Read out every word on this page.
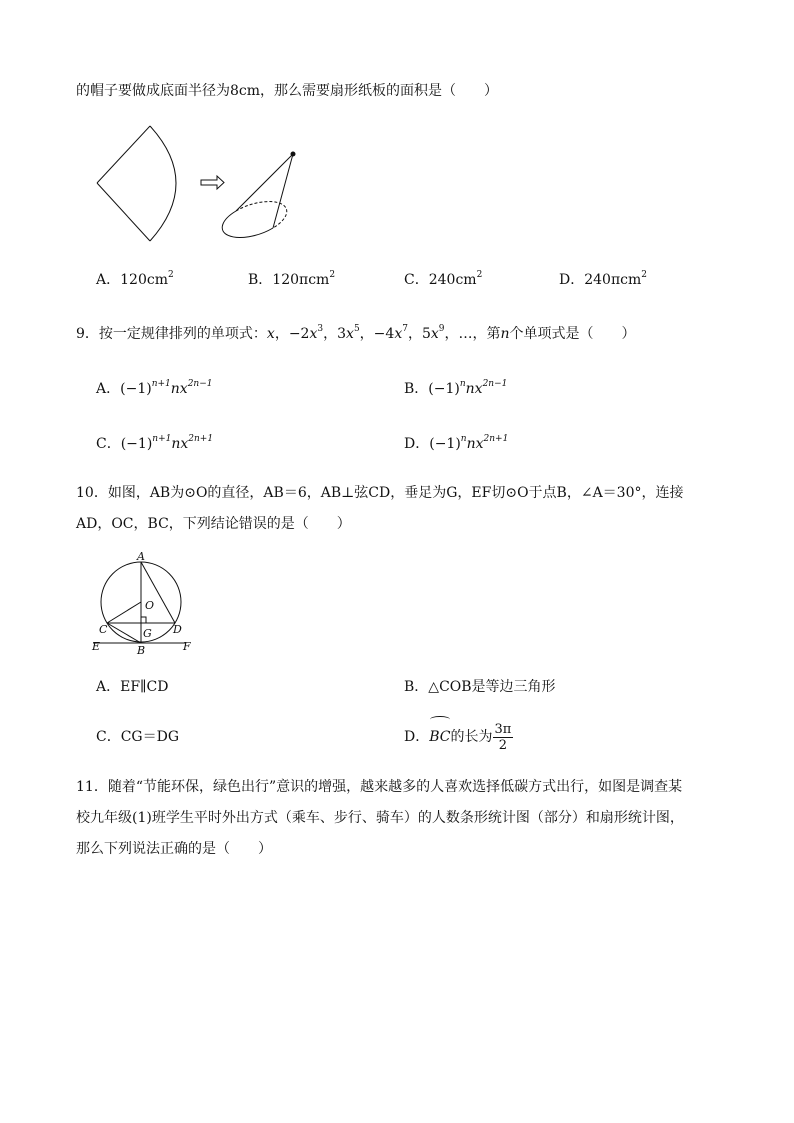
的帽子要做成底面半径为8cm，那么需要扇形纸板的面积是（　　）
A．$120cm^2$	B．120πcm$^2$	C．$240cm^2$	D．240πcm$^2$
9．按一定规律排列的单项式：x，$-2x^3$，$3x^5$，$-4x^7$，$5x^9$，…，第n个单项式是（　　）
A．$(-1)^{n+1}nx^{2n-1}$	B．$(-1)^nnx^{2n-1}$
C．$(-1)^{n+1}nx^{2n+1}$	D．$(-1)^nnx^{2n+1}$
10．如图，AB为⊙O的直径，AB＝6，AB⊥弦CD，垂足为G，EF切⊙O于点B，∠A＝30°，连接
AD，OC，BC，下列结论错误的是（　　）
A
O
C	G D
E	B	F
A．EF∥CD	B．△COB是等边三角形
C．CG＝DG	D．BC的长为 $\frac{3\pi}{2}$
11．随着“节能环保，绿色出行”意识的增强，越来越多的人喜欢选择低碳方式出行，如图是调查某
校九年级(1)班学生平时外出方式（乘车、步行、骑车）的人数条形统计图（部分）和扇形统计图，
那么下列说法正确的是（　　）
